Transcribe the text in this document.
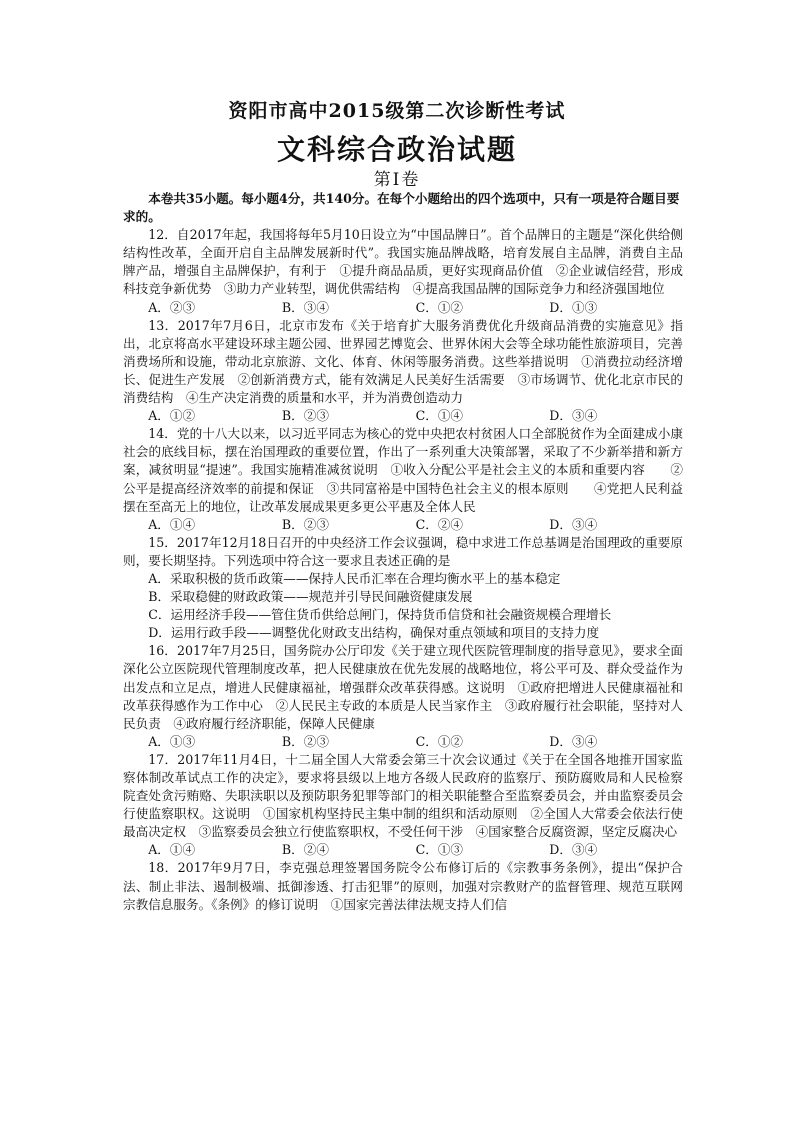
资阳市高中2015级第二次诊断性考试
文科综合政治试题
第Ⅰ卷

本卷共35小题。每小题4分，共140分。在每个小题给出的四个选项中，只有一项是符合题目要求的。

12．自2017年起，我国将每年5月10日设立为“中国品牌日”。首个品牌日的主题是“深化供给侧结构性改革，全面开启自主品牌发展新时代”。我国实施品牌战略，培育发展自主品牌，消费自主品牌产品，增强自主品牌保护，有利于　①提升商品品质，更好实现商品价值　②企业诚信经营，形成科技竞争新优势　③助力产业转型，调优供需结构　④提高我国品牌的国际竞争力和经济强国地位

A．②③	B．③④	C．①②	D．①③

13．2017年7月6日，北京市发布《关于培育扩大服务消费优化升级商品消费的实施意见》指出，北京将高水平建设环球主题公园、世界园艺博览会、世界休闲大会等全球功能性旅游项目，完善消费场所和设施，带动北京旅游、文化、体育、休闲等服务消费。这些举措说明　①消费拉动经济增长、促进生产发展　②创新消费方式，能有效满足人民美好生活需要　③市场调节、优化北京市民的消费结构　④生产决定消费的质量和水平，并为消费创造动力

A．①②	B．②③	C．①④	D．③④

14．党的十八大以来，以习近平同志为核心的党中央把农村贫困人口全部脱贫作为全面建成小康社会的底线目标，摆在治国理政的重要位置，作出了一系列重大决策部署，采取了不少新举措和新方案，减贫明显“提速”。我国实施精准减贫说明　①收入分配公平是社会主义的本质和重要内容　　②公平是提高经济效率的前提和保证　③共同富裕是中国特色社会主义的根本原则　　④党把人民利益摆在至高无上的地位，让改革发展成果更多更公平惠及全体人民

A．①④	B．②③	C．②④	D．③④

15．2017年12月18日召开的中央经济工作会议强调，稳中求进工作总基调是治国理政的重要原则，要长期坚持。下列选项中符合这一要求且表述正确的是

A．采取积极的货币政策——保持人民币汇率在合理均衡水平上的基本稳定

B．采取稳健的财政政策——规范并引导民间融资健康发展

C．运用经济手段——管住货币供给总闸门，保持货币信贷和社会融资规模合理增长

D．运用行政手段——调整优化财政支出结构，确保对重点领域和项目的支持力度

16．2017年7月25日，国务院办公厅印发《关于建立现代医院管理制度的指导意见》，要求全面深化公立医院现代管理制度改革，把人民健康放在优先发展的战略地位，将公平可及、群众受益作为出发点和立足点，增进人民健康福祉，增强群众改革获得感。这说明　①政府把增进人民健康福祉和改革获得感作为工作中心　②人民民主专政的本质是人民当家作主　③政府履行社会职能，坚持对人民负责　④政府履行经济职能，保障人民健康

A．①③	B．②③	C．①②	D．③④

17．2017年11月4日，十二届全国人大常委会第三十次会议通过《关于在全国各地推开国家监察体制改革试点工作的决定》，要求将县级以上地方各级人民政府的监察厅、预防腐败局和人民检察院查处贪污贿赂、失职渎职以及预防职务犯罪等部门的相关职能整合至监察委员会，并由监察委员会行使监察职权。这说明　①国家机构坚持民主集中制的组织和活动原则　②全国人大常委会依法行使最高决定权　③监察委员会独立行使监察职权，不受任何干涉　④国家整合反腐资源，坚定反腐决心

A．①④	B．②④	C．①③	D．③④

18．2017年9月7日，李克强总理签署国务院令公布修订后的《宗教事务条例》，提出“保护合法、制止非法、遏制极端、抵御渗透、打击犯罪”的原则，加强对宗教财产的监督管理、规范互联网宗教信息服务。《条例》的修订说明　①国家完善法律法规支持人们信
